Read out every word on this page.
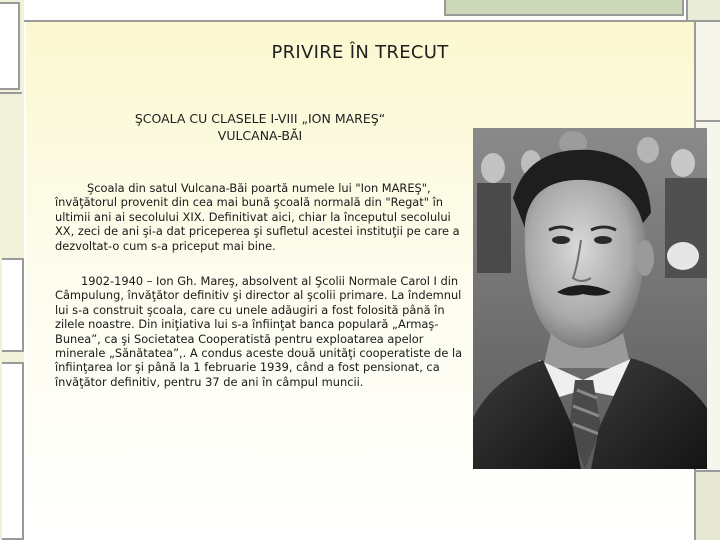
PRIVIRE ÎN TRECUT
ŞCOALA CU CLASELE I-VIII „ION MAREŞ“
VULCANA-BĂI

Şcoala din satul Vulcana-Băi poartă numele lui "Ion MAREŞ", învăţătorul provenit din cea mai bună şcoală normală din "Regat" în ultimii ani ai secolului XIX. Definitivat aici, chiar la începutul secolului XX, zeci de ani şi-a dat priceperea şi sufletul acestei instituţii pe care a dezvoltat-o cum s-a priceput mai bine.

1902-1940 – Ion Gh. Mareş, absolvent al Şcolii Normale Carol I din Câmpulung, învăţător definitiv şi director al şcolii primare. La îndemnul lui s-a construit şcoala, care cu unele adăugiri a fost folosită până în zilele noastre. Din iniţiativa lui s-a înfiinţat banca populară „Armaş-Bunea”, ca şi Societatea Cooperatistă pentru exploatarea apelor minerale „Sănătatea”,. A condus aceste două unităţi cooperatiste de la înfiinţarea lor şi până la 1 februarie 1939, când a fost pensionat, ca învăţător definitiv, pentru 37 de ani în câmpul muncii.
